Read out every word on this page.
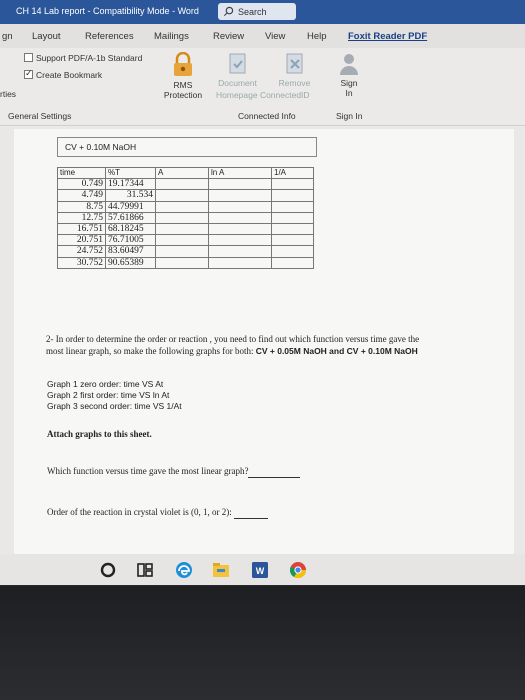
CH 14 Lab report - Compatibility Mode - Word	Search
gn Layout	References Mailings	Review View Help Foxit Reader PDF
Support PDF/A-1b Standard
✓Create Bookmark
rties
General Settings
RMS
Protection
Document	Remove
Homepage ConnectedID
Connected Info
Sign
In
Sign In
CV + 0.10M NaOH
time	%T	A	ln A	1/A
0.749	19.17344			
4.749	31.534			
8.75	44.79991			
12.75	57.61866			
16.751	68.18245			
20.751	76.71005			
24.752	83.60497			
30.752	90.65389			
2- In order to determine the order or reaction , you need to find out which function versus time gave the
most linear graph, so make the following graphs for both: CV + 0.05M NaOH and CV + 0.10M NaOH
Graph 1 zero order: time VS At
Graph 2 first order: time VS ln At
Graph 3 second order: time VS 1/At
Attach graphs to this sheet.
Which function versus time gave the most linear graph?
Order of the reaction in crystal violet is (0, 1, or 2):
W
